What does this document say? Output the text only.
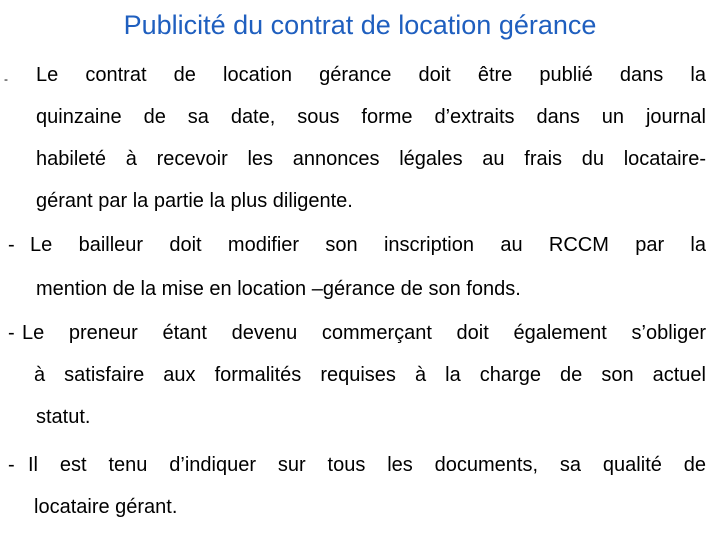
Publicité du contrat de location gérance
- Le contrat de location gérance doit être publié dans la
quinzaine de sa date, sous forme d’extraits dans un journal
habileté à recevoir les annonces légales au frais du locataire-
gérant par la partie la plus diligente.
- Le bailleur doit modifier son inscription au RCCM par la
mention de la mise en location –gérance de son fonds.
- Le preneur étant devenu commerçant doit également s’obliger
à satisfaire aux formalités requises à la charge de son actuel
statut.
- Il est tenu d’indiquer sur tous les documents, sa qualité de
locataire gérant.
